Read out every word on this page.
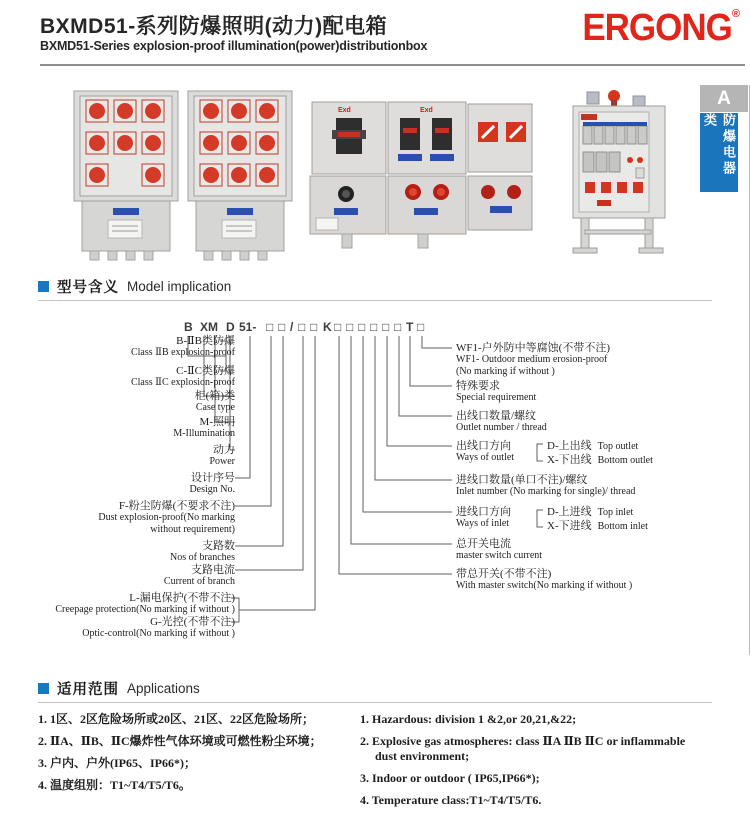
BXMD51-系列防爆照明(动力)配电箱
BXMD51-Series explosion-proof illumination(power)distributionbox	ERGONG®
A
防爆电器类
Exd	Exd
型号含义 Model implication
B XM D 51- □ □ / □ □ K □ □ □ □ □ □ T □
B-ⅡB类防爆
Class ⅡB explosion-proof
C-ⅡC类防爆
Class ⅡC explosion-proof
柜(箱)类
Case type
M-照明
M-Illumination
动力
Power
设计序号
Design No.
F-粉尘防爆(不要求不注)
Dust explosion-proof(No marking
without requirement)
支路数
Nos of branches
支路电流
Current of branch
L-漏电保护(不带不注)
Creepage protection(No marking if without )
G-光控(不带不注)
Optic-control(No marking if without )
WF1-户外防中等腐蚀(不带不注)
WF1- Outdoor medium erosion-proof
(No marking if without )
特殊要求
Special requirement
出线口数量/螺纹
Outlet number / thread
出线口方向
Ways of outlet
D-上出线 Top outlet
X-下出线 Bottom outlet
进线口数量(单口不注)/螺纹
Inlet number (No marking for single)/ thread
进线口方向
Ways of inlet
D-上进线 Top inlet
X-下进线 Bottom inlet
总开关电流
master switch current
带总开关(不带不注)
With master switch(No marking if without )
适用范围 Applications
1. 1区、2区危险场所或20区、21区、22区危险场所；
2. ⅡA、ⅡB、ⅡC爆炸性气体环境或可燃性粉尘环境；
3. 户内、户外(IP65、IP66*)；
4. 温度组别：T1~T4/T5/T6。
1. Hazardous: division 1 &2,or 20,21,&22;
2. Explosive gas atmospheres: class ⅡA ⅡB ⅡC or inflammable dust environment;
3. Indoor or outdoor ( IP65,IP66*);
4. Temperature class:T1~T4/T5/T6.
